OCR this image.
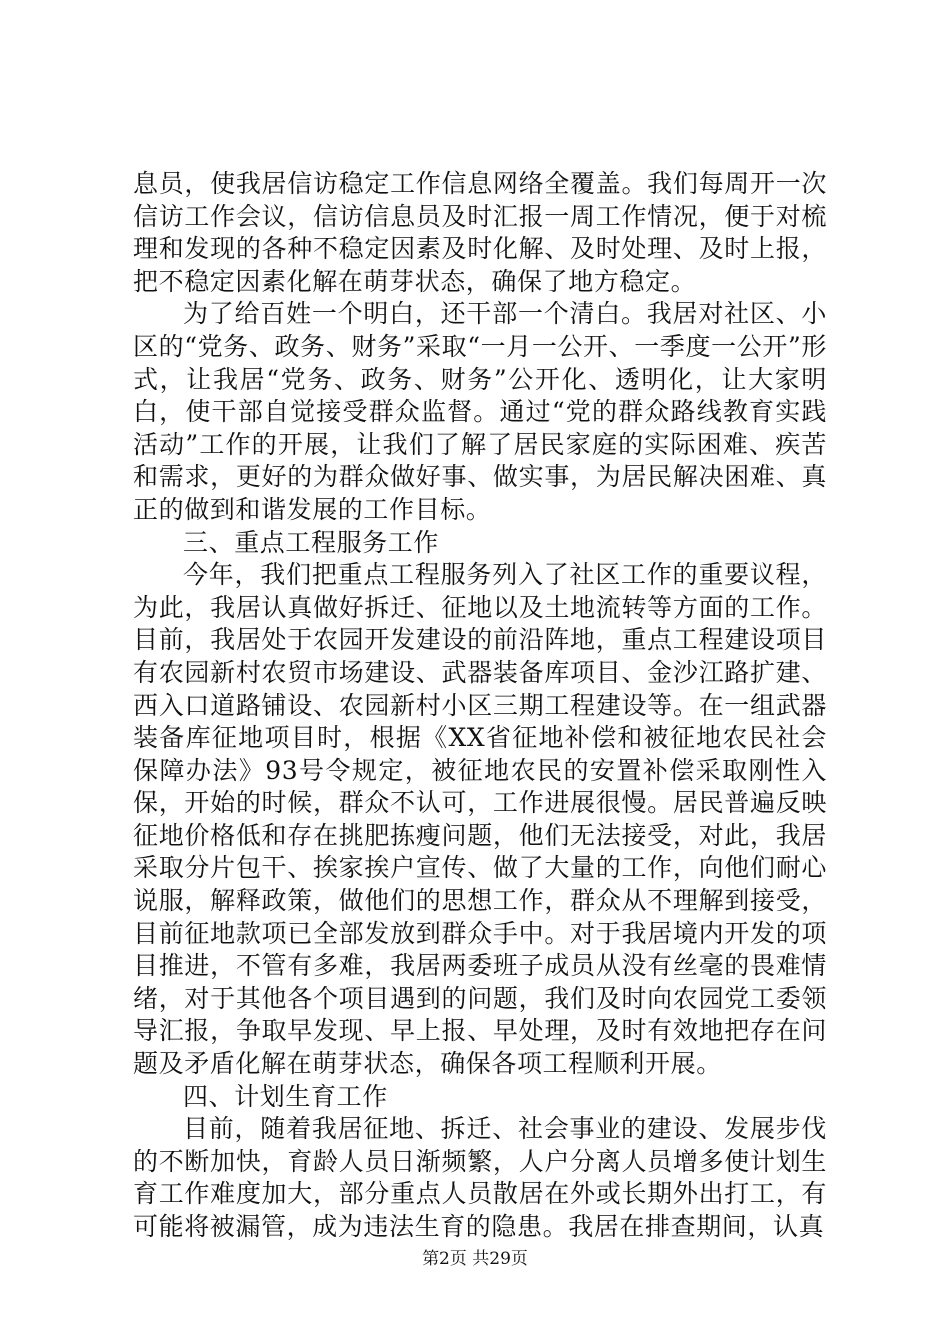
息员，使我居信访稳定工作信息网络全覆盖。我们每周开一次信访工作会议，信访信息员及时汇报一周工作情况，便于对梳理和发现的各种不稳定因素及时化解、及时处理、及时上报，把不稳定因素化解在萌芽状态，确保了地方稳定。

为了给百姓一个明白，还干部一个清白。我居对社区、小区的“党务、政务、财务”采取“一月一公开、一季度一公开”形式，让我居“党务、政务、财务”公开化、透明化，让大家明白，使干部自觉接受群众监督。通过“党的群众路线教育实践活动”工作的开展，让我们了解了居民家庭的实际困难、疾苦和需求，更好的为群众做好事、做实事，为居民解决困难、真正的做到和谐发展的工作目标。

三、重点工程服务工作

今年，我们把重点工程服务列入了社区工作的重要议程，为此，我居认真做好拆迁、征地以及土地流转等方面的工作。目前，我居处于农园开发建设的前沿阵地，重点工程建设项目有农园新村农贸市场建设、武器装备库项目、金沙江路扩建、西入口道路铺设、农园新村小区三期工程建设等。在一组武器装备库征地项目时，根据《XX省征地补偿和被征地农民社会保障办法》93号令规定，被征地农民的安置补偿采取刚性入保，开始的时候，群众不认可，工作进展很慢。居民普遍反映征地价格低和存在挑肥拣瘦问题，他们无法接受，对此，我居采取分片包干、挨家挨户宣传、做了大量的工作，向他们耐心说服，解释政策，做他们的思想工作，群众从不理解到接受，目前征地款项已全部发放到群众手中。对于我居境内开发的项目推进，不管有多难，我居两委班子成员从没有丝毫的畏难情绪，对于其他各个项目遇到的问题，我们及时向农园党工委领导汇报，争取早发现、早上报、早处理，及时有效地把存在问题及矛盾化解在萌芽状态，确保各项工程顺利开展。

四、计划生育工作

目前，随着我居征地、拆迁、社会事业的建设、发展步伐的不断加快，育龄人员日渐频繁，人户分离人员增多使计划生育工作难度加大，部分重点人员散居在外或长期外出打工，有可能将被漏管，成为违法生育的隐患。我居在排查期间，认真

第2页 共29页
